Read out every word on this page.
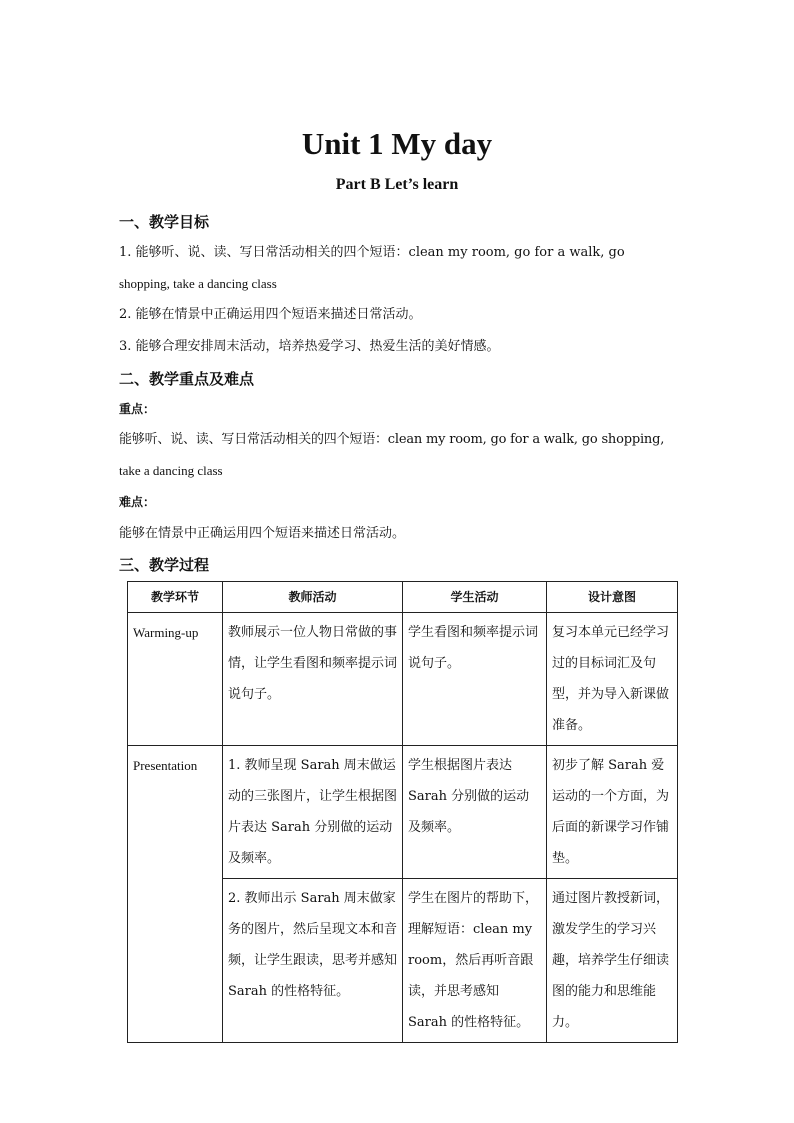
Unit 1 My day
Part B Let’s learn
一、教学目标
1. 能够听、说、读、写日常活动相关的四个短语：clean my room, go for a walk, go
shopping, take a dancing class
2. 能够在情景中正确运用四个短语来描述日常活动。
3. 能够合理安排周末活动，培养热爱学习、热爱生活的美好情感。
二、教学重点及难点
重点：
能够听、说、读、写日常活动相关的四个短语：clean my room, go for a walk, go shopping,
take a dancing class
难点：
能够在情景中正确运用四个短语来描述日常活动。
三、教学过程
教学环节	教师活动	学生活动	设计意图
Warming-up	教师展示一位人物日常做的事情，让学生看图和频率提示词说句子。	学生看图和频率提示词说句子。	复习本单元已经学习过的目标词汇及句型，并为导入新课做准备。
Presentation	1. 教师呈现 Sarah 周末做运动的三张图片，让学生根据图片表达 Sarah 分别做的运动及频率。	学生根据图片表达 Sarah 分别做的运动及频率。	初步了解 Sarah 爱运动的一个方面，为后面的新课学习作铺垫。
	2. 教师出示 Sarah 周末做家务的图片，然后呈现文本和音频，让学生跟读，思考并感知 Sarah 的性格特征。	学生在图片的帮助下，理解短语：clean my room，然后再听音跟读，并思考感知 Sarah 的性格特征。	通过图片教授新词，激发学生的学习兴趣，培养学生仔细读图的能力和思维能力。
